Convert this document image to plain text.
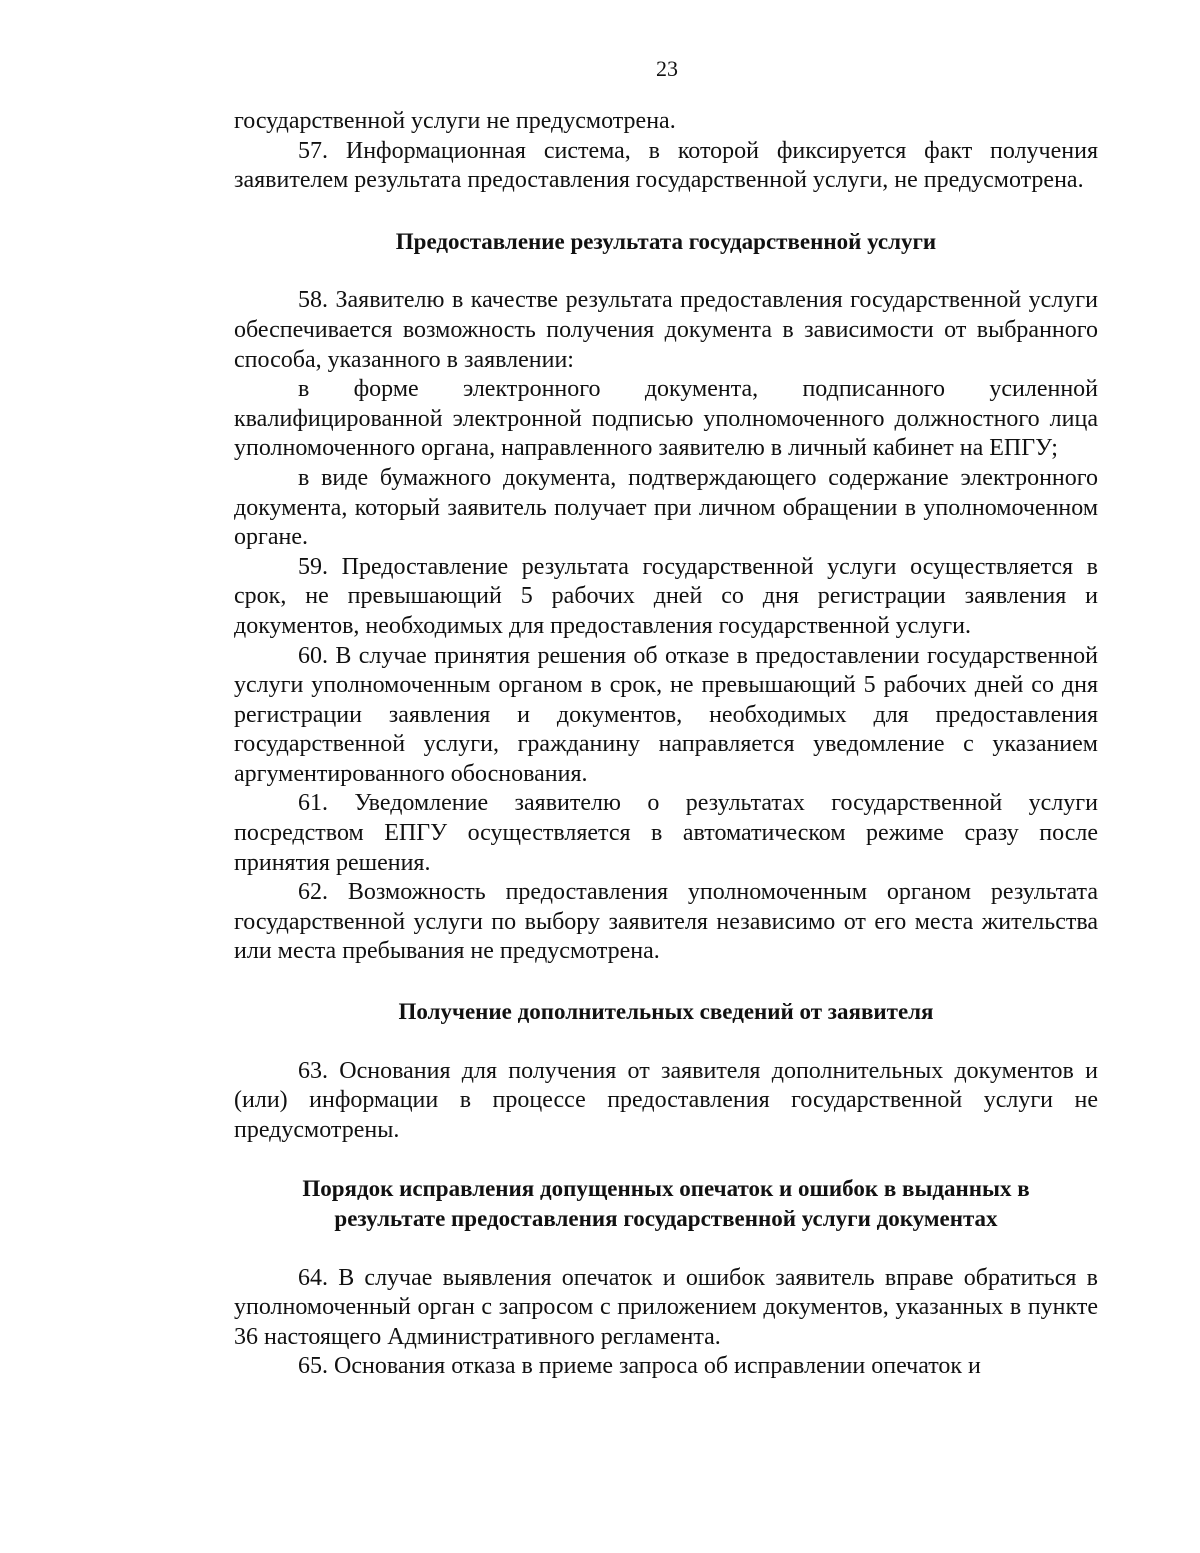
23

государственной услуги не предусмотрена.

57. Информационная система, в которой фиксируется факт получения заявителем результата предоставления государственной услуги, не предусмотрена.

Предоставление результата государственной услуги

58. Заявителю в качестве результата предоставления государственной услуги обеспечивается возможность получения документа в зависимости от выбранного способа, указанного в заявлении:

в форме электронного документа, подписанного усиленной квалифицированной электронной подписью уполномоченного должностного лица уполномоченного органа, направленного заявителю в личный кабинет на ЕПГУ;

в виде бумажного документа, подтверждающего содержание электронного документа, который заявитель получает при личном обращении в уполномоченном органе.

59. Предоставление результата государственной услуги осуществляется в срок, не превышающий 5 рабочих дней со дня регистрации заявления и документов, необходимых для предоставления государственной услуги.

60. В случае принятия решения об отказе в предоставлении государственной услуги уполномоченным органом в срок, не превышающий 5 рабочих дней со дня регистрации заявления и документов, необходимых для предоставления государственной услуги, гражданину направляется уведомление с указанием аргументированного обоснования.

61. Уведомление заявителю о результатах государственной услуги посредством ЕПГУ осуществляется в автоматическом режиме сразу после принятия решения.

62. Возможность предоставления уполномоченным органом результата государственной услуги по выбору заявителя независимо от его места жительства или места пребывания не предусмотрена.

Получение дополнительных сведений от заявителя

63. Основания для получения от заявителя дополнительных документов и (или) информации в процессе предоставления государственной услуги не предусмотрены.

Порядок исправления допущенных опечаток и ошибок в выданных в
результате предоставления государственной услуги документах

64. В случае выявления опечаток и ошибок заявитель вправе обратиться в уполномоченный орган с запросом с приложением документов, указанных в пункте 36 настоящего Административного регламента.

65. Основания отказа в приеме запроса об исправлении опечаток и
